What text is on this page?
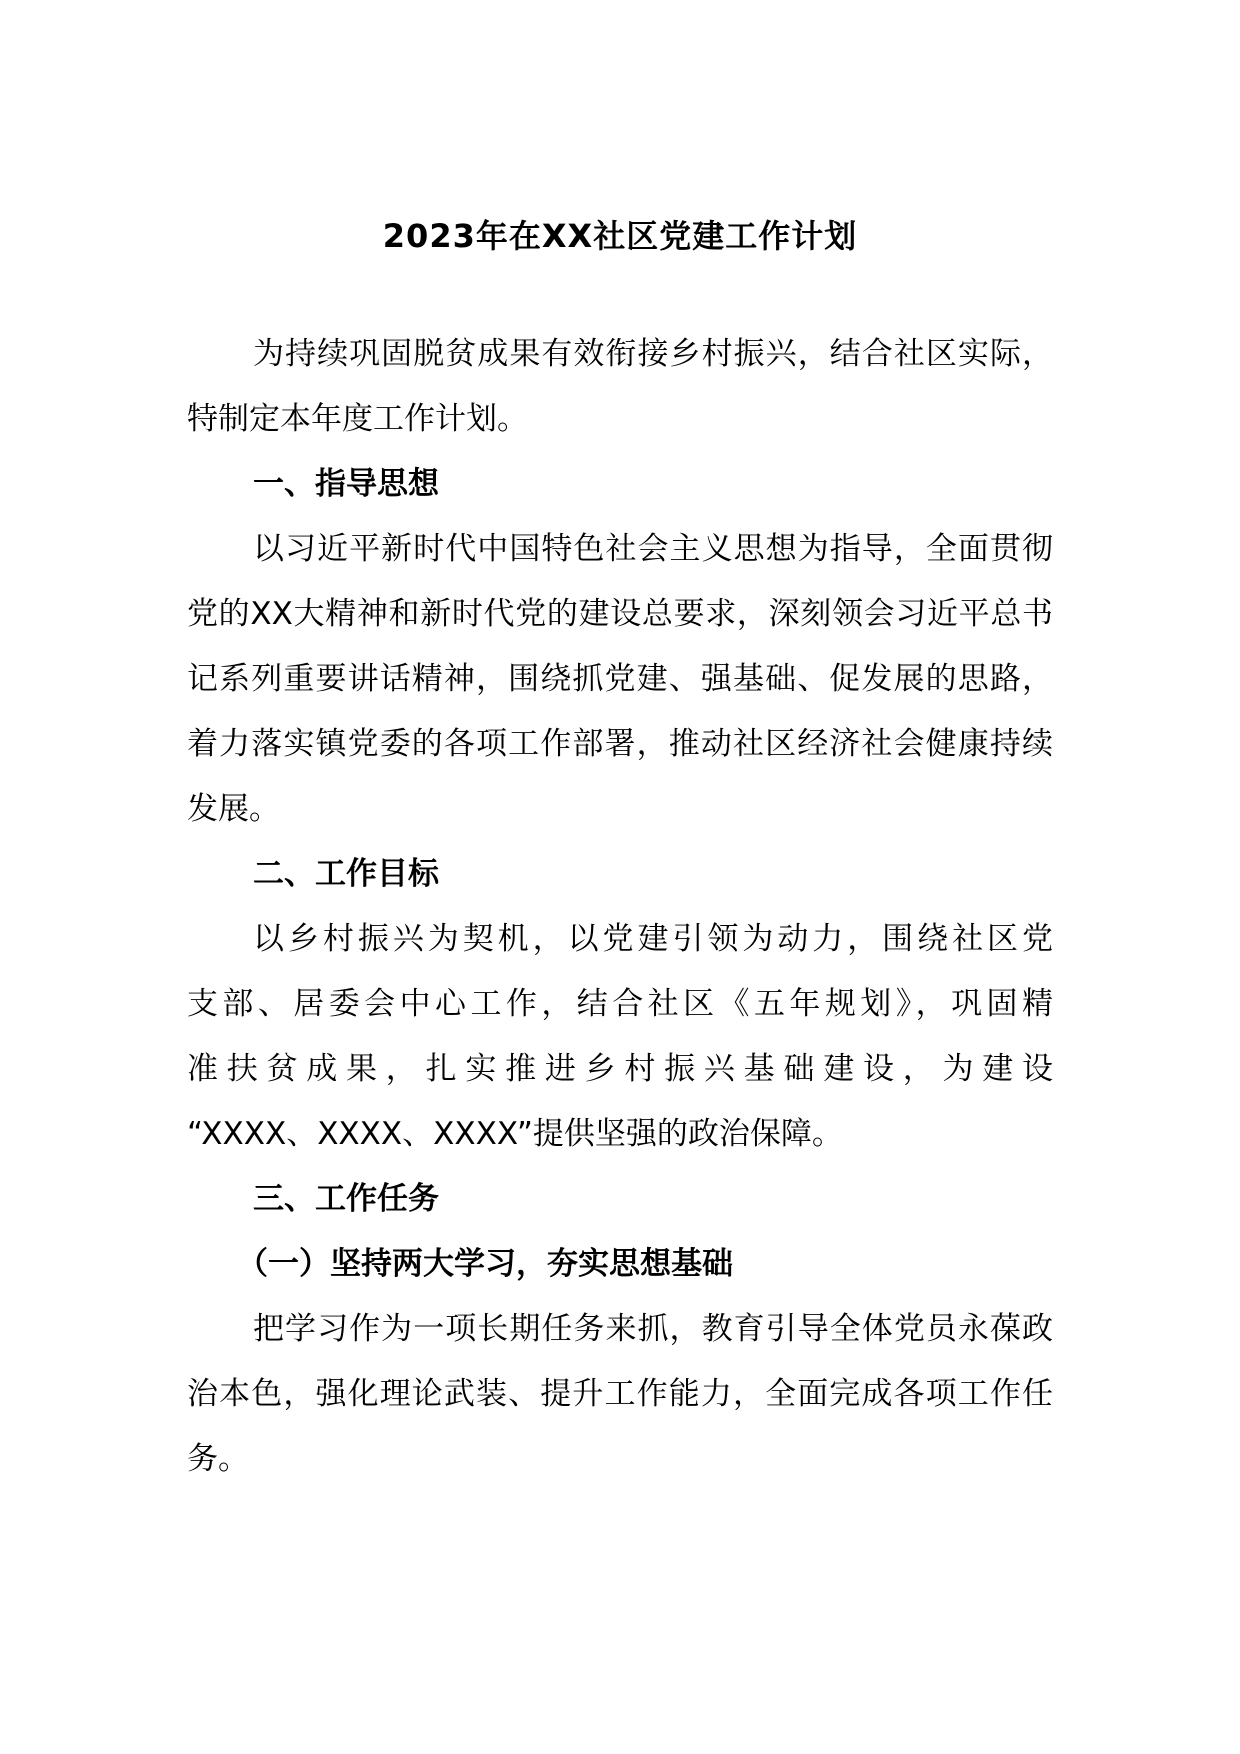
2023年在XX社区党建工作计划

为持续巩固脱贫成果有效衔接乡村振兴，结合社区实际，特制定本年度工作计划。

一、指导思想

以习近平新时代中国特色社会主义思想为指导，全面贯彻党的XX大精神和新时代党的建设总要求，深刻领会习近平总书记系列重要讲话精神，围绕抓党建、强基础、促发展的思路，着力落实镇党委的各项工作部署，推动社区经济社会健康持续发展。

二、工作目标

以乡村振兴为契机，以党建引领为动力，围绕社区党

支部、居委会中心工作，结合社区《五年规划》，巩固精

准扶贫成果，扎实推进乡村振兴基础建设，为建设

“XXXX、XXXX、XXXX”提供坚强的政治保障。

三、工作任务

（一）坚持两大学习，夯实思想基础

把学习作为一项长期任务来抓，教育引导全体党员永葆政治本色，强化理论武装、提升工作能力，全面完成各项工作任务。
